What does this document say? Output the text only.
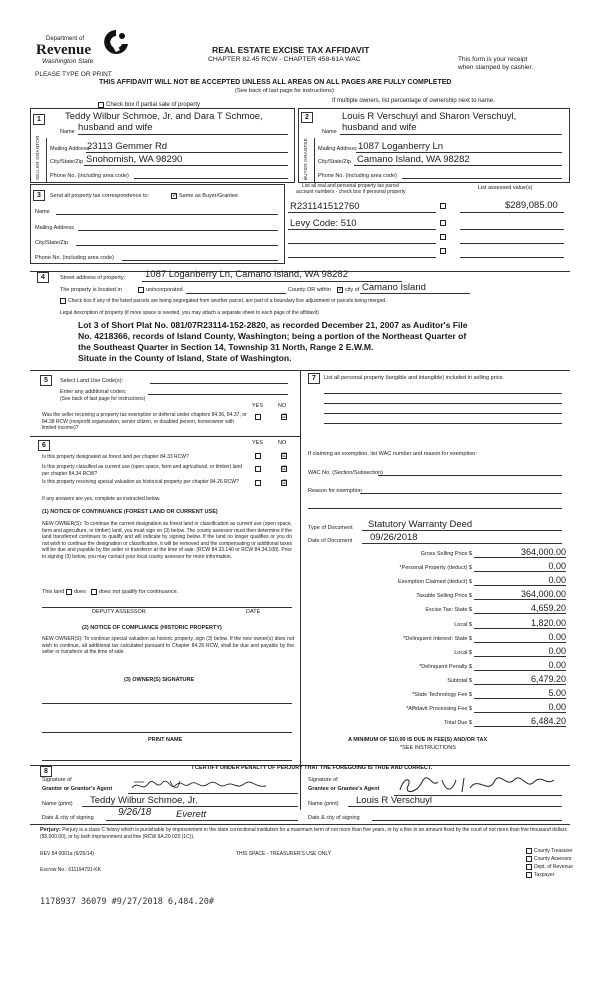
Department of
Revenue
Washington State
PLEASE TYPE OR PRINT
REAL ESTATE EXCISE TAX AFFIDAVIT
CHAPTER 82.45 RCW - CHAPTER 458-61A WAC	This form is your receipt
when stamped by cashier.
THIS AFFIDAVIT WILL NOT BE ACCEPTED UNLESS ALL AREAS ON ALL PAGES ARE FULLY COMPLETED
(See back of last page for instructions)
Check box if partial sale of property
If multiple owners, list percentage of ownership next to name.
1	2
SELLER GRANTOR	BUYER GRANTEE
Teddy Wilbur Schmoe, Jr. and Dara T Schmoe,
Name husband and wife
Mailing Address
23113 Gemmer Rd
City/State/Zip Snohomish, WA 98290
Phone No. (including area code)
Louis R Verschuyl and Sharon Verschuyl,
Name husband and wife
Mailing Address 1087 Loganberry Ln
City/State/Zip Camano Island, WA 98282
Phone No. (including area code)
3	Send all property tax correspondence to:	✓ Same as Buyer/Grantee
Name
Mailing Address
City/State/Zip
Phone No. (including area code)
List all real and personal property tax parcel
account numbers - check box if personal property
List assessed value(s)
R231141512760	$289,085.00
Levy Code: 510
4	Street address of property: 1087 Loganberry Ln, Camano Island, WA 98282
The property is located in	unincorporated	County OR within ✓ city of Camano Island
Check box if any of the listed parcels are being segregated from another parcel, are part of a boundary line adjustment or parcels being merged.
Legal description of property (if more space is needed, you may attach a separate sheet to each page of the affidavit)
Lot 3 of Short Plat No. 081/07R23114-152-2820, as recorded December 21, 2007 as Auditor's File
No. 4218366, records of Island County, Washington; being a portion of the Northeast Quarter of
the Southeast Quarter in Section 14, Township 31 North, Range 2 E.W.M.
Situate in the County of Island, State of Washington.
5	Select Land Use Code(s):
Enter any additional codes:
(See back of last page for instructions)
YES	NO
Was the seller receiving a property tax exemption or deferral under chapters 84.36, 84.37, or 84.38 RCW (nonprofit organization, senior citizen, or disabled person, homeowner with limited income)?
☑
7	List all personal property (tangible and intangible) included in selling price.
6	YES	NO
Is this property designated as forest land per chapter 84.33 RCW?	☑
Is this property classified as current use (open space, farm and agricultural, or timber) land per chapter 84.34 RCW?
☑
Is this property receiving special valuation as historical property per chapter 84.26 RCW?	☑
If any answers are yes, complete as instructed below.
(1) NOTICE OF CONTINUANCE (FOREST LAND OR CURRENT USE)
NEW OWNER(S): To continue the current designation as forest land or classification as current use (open space, farm and agriculture, or timber) land, you must sign on (3) below. The county assessor must then determine if the land transferred continues to qualify and will indicate by signing below. If the land no longer qualifies or you do not wish to continue the designation or classification, it will be removed and the compensating or additional taxes will be due and payable by the seller or transferor at the time of sale. (RCW 84.33.140 or RCW 84.34.108). Prior to signing (3) below, you may contact your local county assessor for more information.
This land does does not qualify for continuance.
DEPUTY ASSESSOR	DATE
(2) NOTICE OF COMPLIANCE (HISTORIC PROPERTY)
NEW OWNER(S): To continue special valuation as historic property, sign (3) below. If the new owner(s) does not wish to continue, all additional tax calculated pursuant to Chapter 84.26 RCW, shall be due and payable by the seller or transferor at the time of sale.
(3) OWNER(S) SIGNATURE
PRINT NAME
If claiming an exemption, list WAC number and reason for exemption:
WAC No. (Section/Subsection)
Reason for exemption
Type of Document Statutory Warranty Deed
Date of Document 09/26/2018
Gross Selling Price $	364,000.00
*Personal Property (deduct) $	0.00
Exemption Claimed (deduct) $	0.00
Taxable Selling Price $	364,000.00
Excise Tax: State $	4,659.20
Local $	1,820.00
*Delinquent Interest: State $	0.00
Local $	0.00
*Delinquent Penalty $	0.00
Subtotal $	6,479.20
*State Technology Fee $	5.00
*Affidavit Processing Fee $	0.00
Total Due $	6,484.20
A MINIMUM OF $10.00 IS DUE IN FEE(S) AND/OR TAX
*SEE INSTRUCTIONS
8	I CERTIFY UNDER PENALTY OF PERJURY THAT THE FOREGOING IS TRUE AND CORRECT.
Signature of
Grantor or Grantor's Agent
Name (print) Teddy Wilbur Schmoe, Jr.
Date & city of signing 9/26/18	Everett
Signature of
Grantee or Grantee's Agent
Name (print) Louis R Verschuyl
Date & city of signing
Perjury: Perjury is a class C felony which is punishable by imprisonment in the state correctional institution for a maximum term of not more than five years, or by a fine in an amount fixed by the court of not more than five thousand dollars ($5,000.00), or by both imprisonment and fine (RCW 9A.20.020 (1C)).
REV 84 0001a (6/26/14)	THIS SPACE - TREASURER'S USE ONLY
Escrow No.: 611194791-KK
County Treasurer
County Assessor
Dept. of Revenue
Taxpayer
1178937 36079 #9/27/2018 6,484.20#
